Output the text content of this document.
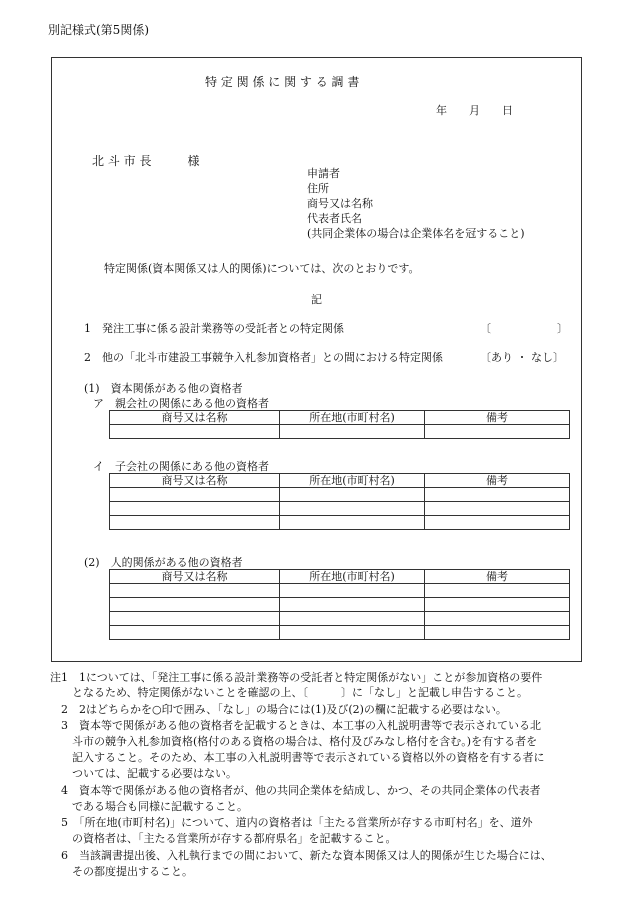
別記様式(第5関係)
特 定 関 係 に 関 す る 調 書
年　　月　　日
北 斗 市 長　　　様
申請者
住所
商号又は名称
代表者氏名
(共同企業体の場合は企業体名を冠すること)
特定関係(資本関係又は人的関係)については、次のとおりです。
記
1　発注工事に係る設計業務等の受託者との特定関係	〔　　　　　　〕
2　他の「北斗市建設工事競争入札参加資格者」との間における特定関係	〔あり ・ なし〕
(1)　資本関係がある他の資格者
ア　親会社の関係にある他の資格者
商号又は名称	所在地(市町村名)	備考

イ　子会社の関係にある他の資格者
商号又は名称	所在地(市町村名)	備考

(2)　人的関係がある他の資格者
商号又は名称	所在地(市町村名)	備考

注1　1については、「発注工事に係る設計業務等の受託者と特定関係がない」ことが参加資格の要件
　　となるため、特定関係がないことを確認の上、〔　　　〕に「なし」と記載し申告すること。
　2　2はどちらかを○印で囲み、「なし」の場合には(1)及び(2)の欄に記載する必要はない。
　3　資本等で関係がある他の資格者を記載するときは、本工事の入札説明書等で表示されている北
　　斗市の競争入札参加資格(格付のある資格の場合は、格付及びみなし格付を含む。)を有する者を
　　記入すること。そのため、本工事の入札説明書等で表示されている資格以外の資格を有する者に
　　ついては、記載する必要はない。
　4　資本等で関係がある他の資格者が、他の共同企業体を結成し、かつ、その共同企業体の代表者
　　である場合も同様に記載すること。
　5　「所在地(市町村名)」について、道内の資格者は「主たる営業所が存する市町村名」を、道外
　　の資格者は、「主たる営業所が存する都府県名」を記載すること。
　6　当該調書提出後、入札執行までの間において、新たな資本関係又は人的関係が生じた場合には、
　　その都度提出すること。
